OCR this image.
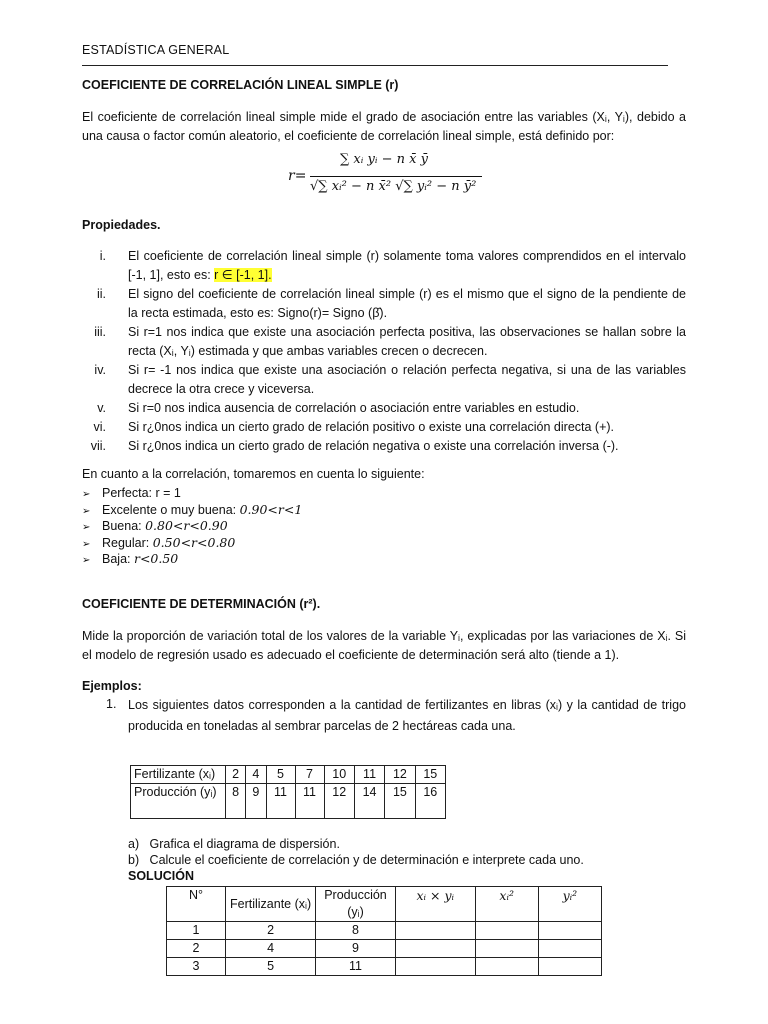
ESTADÍSTICA GENERAL
COEFICIENTE DE CORRELACIÓN LINEAL SIMPLE (r)
El coeficiente de correlación lineal simple mide el grado de asociación entre las variables (Xᵢ, Yᵢ), debido a una causa o factor común aleatorio, el coeficiente de correlación lineal simple, está definido por:
r=
∑ xᵢ yᵢ − n x̄ ȳ
√∑ xᵢ² − n x̄² √∑ yᵢ² − n ȳ²
Propiedades.
i. El coeficiente de correlación lineal simple (r) solamente toma valores comprendidos en el intervalo [-1, 1], esto es: r ∈ [-1, 1].
ii. El signo del coeficiente de correlación lineal simple (r) es el mismo que el signo de la pendiente de la recta estimada, esto es: Signo(r)= Signo (β̂).
iii. Si r=1 nos indica que existe una asociación perfecta positiva, las observaciones se hallan sobre la recta (Xᵢ, Yᵢ) estimada y que ambas variables crecen o decrecen.
iv. Si r= -1 nos indica que existe una asociación o relación perfecta negativa, si una de las variables decrece la otra crece y viceversa.
v. Si r=0 nos indica ausencia de correlación o asociación entre variables en estudio.
vi. Si r¿0nos indica un cierto grado de relación positivo o existe una correlación directa (+).
vii. Si r¿0nos indica un cierto grado de relación negativa o existe una correlación inversa (-).
En cuanto a la correlación, tomaremos en cuenta lo siguiente:
➢ Perfecta: r = 1
➢ Excelente o muy buena: 0.90<r<1
➢ Buena: 0.80<r<0.90
➢ Regular: 0.50<r<0.80
➢ Baja: r<0.50
COEFICIENTE DE DETERMINACIÓN (r²).
Mide la proporción de variación total de los valores de la variable Yᵢ, explicadas por las variaciones de Xᵢ. Si el modelo de regresión usado es adecuado el coeficiente de determinación será alto (tiende a 1).
Ejemplos:
1. Los siguientes datos corresponden a la cantidad de fertilizantes en libras (xᵢ) y la cantidad de trigo producida en toneladas al sembrar parcelas de 2 hectáreas cada una.
Fertilizante (xᵢ)	2	4	5	7	10	11	12	15
Producción (yᵢ)	8	9	11	11	12	14	15	16
a) Grafica el diagrama de dispersión.
b) Calcule el coeficiente de correlación y de determinación e interprete cada uno.
SOLUCIÓN
N°	Fertilizante (xᵢ)	Producción (yᵢ)	xᵢ × yᵢ	xᵢ²	yᵢ²
1	2	8			
2	4	9			
3	5	11			
